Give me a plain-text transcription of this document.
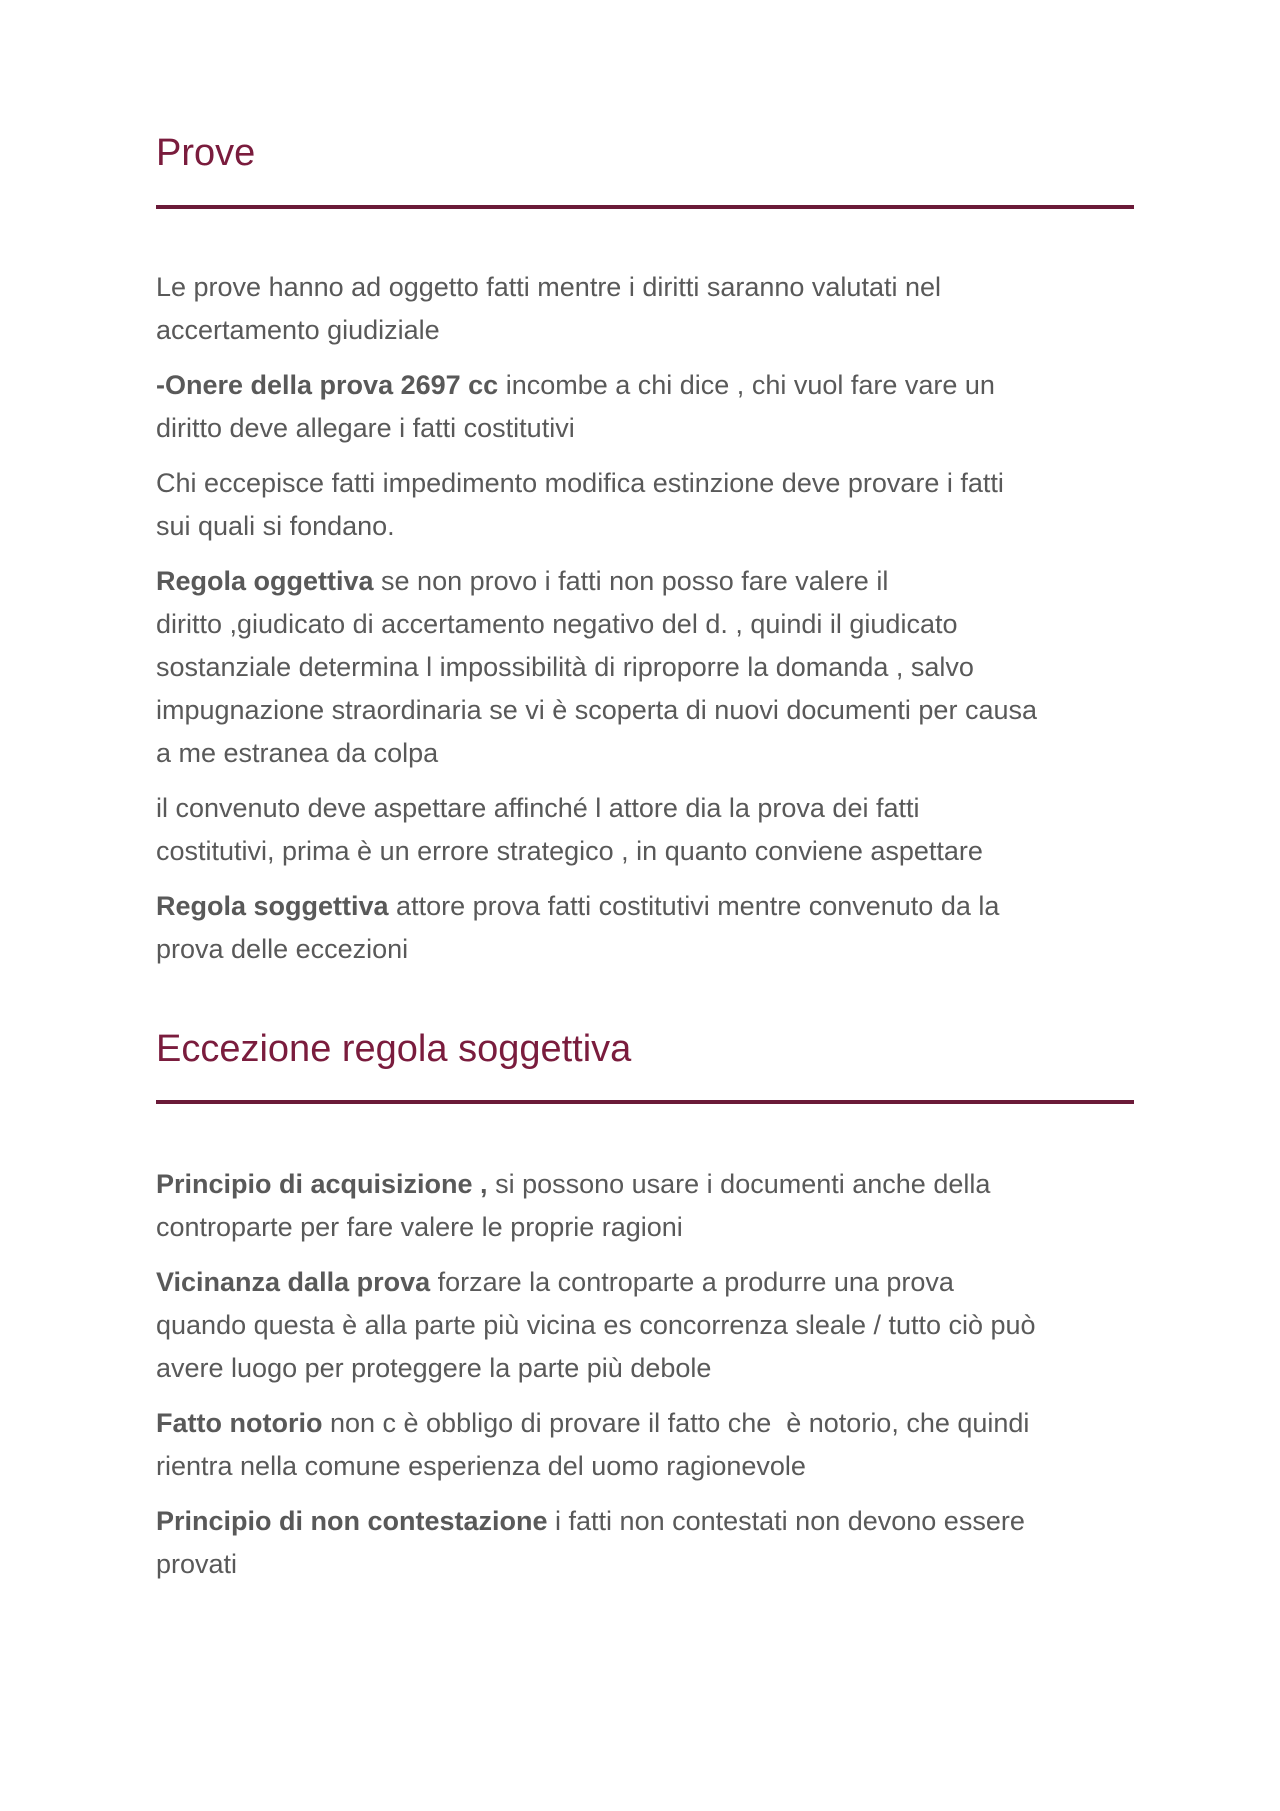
Prove

Le prove hanno ad oggetto fatti mentre i diritti saranno valutati nel
accertamento giudiziale

-Onere della prova 2697 cc incombe a chi dice , chi vuol fare vare un
diritto deve allegare i fatti costitutivi

Chi eccepisce fatti impedimento modifica estinzione deve provare i fatti
sui quali si fondano.

Regola oggettiva se non provo i fatti non posso fare valere il
diritto ,giudicato di accertamento negativo del d. , quindi il giudicato
sostanziale determina l impossibilità di riproporre la domanda , salvo
impugnazione straordinaria se vi è scoperta di nuovi documenti per causa
a me estranea da colpa

il convenuto deve aspettare affinché l attore dia la prova dei fatti
costitutivi, prima è un errore strategico , in quanto conviene aspettare

Regola soggettiva attore prova fatti costitutivi mentre convenuto da la
prova delle eccezioni

Eccezione regola soggettiva

Principio di acquisizione , si possono usare i documenti anche della
controparte per fare valere le proprie ragioni

Vicinanza dalla prova forzare la controparte a produrre una prova
quando questa è alla parte più vicina es concorrenza sleale / tutto ciò può
avere luogo per proteggere la parte più debole

Fatto notorio non c è obbligo di provare il fatto che  è notorio, che quindi
rientra nella comune esperienza del uomo ragionevole

Principio di non contestazione i fatti non contestati non devono essere
provati
